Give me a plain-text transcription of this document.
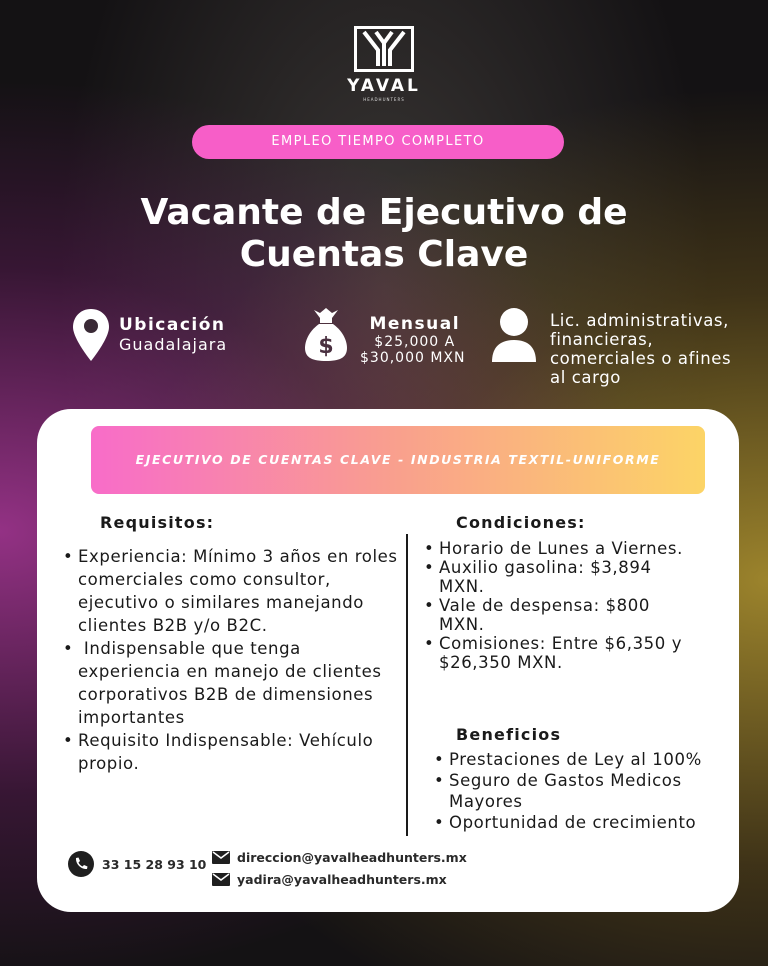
YAVAL
HEADHUNTERS
EMPLEO TIEMPO COMPLETO
Vacante de Ejecutivo de
Cuentas Clave
Ubicación
Guadalajara	$
Mensual
$25,000 A
$30,000 MXN
Lic. administrativas,
financieras,
comerciales o afines
al cargo
EJECUTIVO DE CUENTAS CLAVE - INDUSTRIA TEXTIL-UNIFORME
Requisitos:
• Experiencia: Mínimo 3 años en roles comerciales como consultor, ejecutivo o similares manejando clientes B2B y/o B2C.
•  Indispensable que tenga experiencia en manejo de clientes corporativos B2B de dimensiones importantes
• Requisito Indispensable: Vehículo propio.
Condiciones:
• Horario de Lunes a Viernes.
• Auxilio gasolina: $3,894 MXN.
• Vale de despensa: $800 MXN.
• Comisiones: Entre $6,350 y $26,350 MXN.
Beneficios
• Prestaciones de Ley al 100%
• Seguro de Gastos Medicos Mayores
• Oportunidad de crecimiento
33 15 28 93 10 direccion@yavalheadhunters.mx
yadira@yavalheadhunters.mx
